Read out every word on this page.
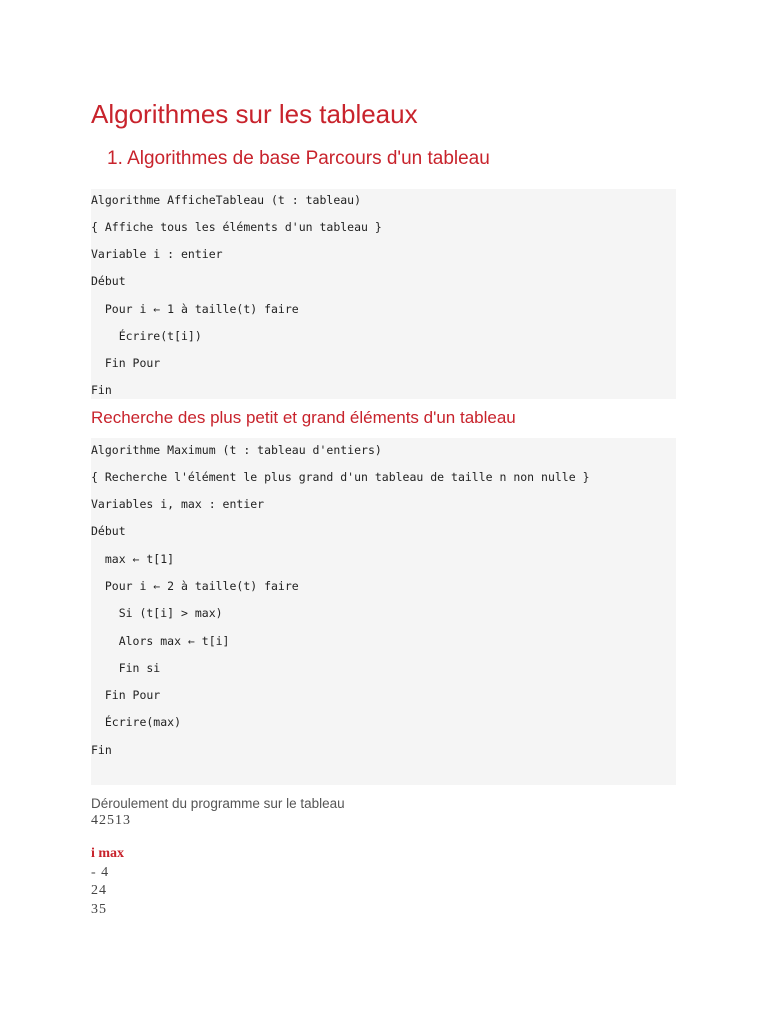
Algorithmes sur les tableaux
1. Algorithmes de base Parcours d'un tableau
Algorithme AfficheTableau (t : tableau)
{ Affiche tous les éléments d'un tableau }
Variable i : entier
Début
Pour i ← 1 à taille(t) faire
Écrire(t[i])
Fin Pour
Fin
Recherche des plus petit et grand éléments d'un tableau
Algorithme Maximum (t : tableau d'entiers)
{ Recherche l'élément le plus grand d'un tableau de taille n non nulle }
Variables i, max : entier
Début
max ← t[1]
Pour i ← 2 à taille(t) faire
Si (t[i] > max)
Alors max ← t[i]
Fin si
Fin Pour
Écrire(max)
Fin
Déroulement du programme sur le tableau
42513
i max
- 4
24
35
